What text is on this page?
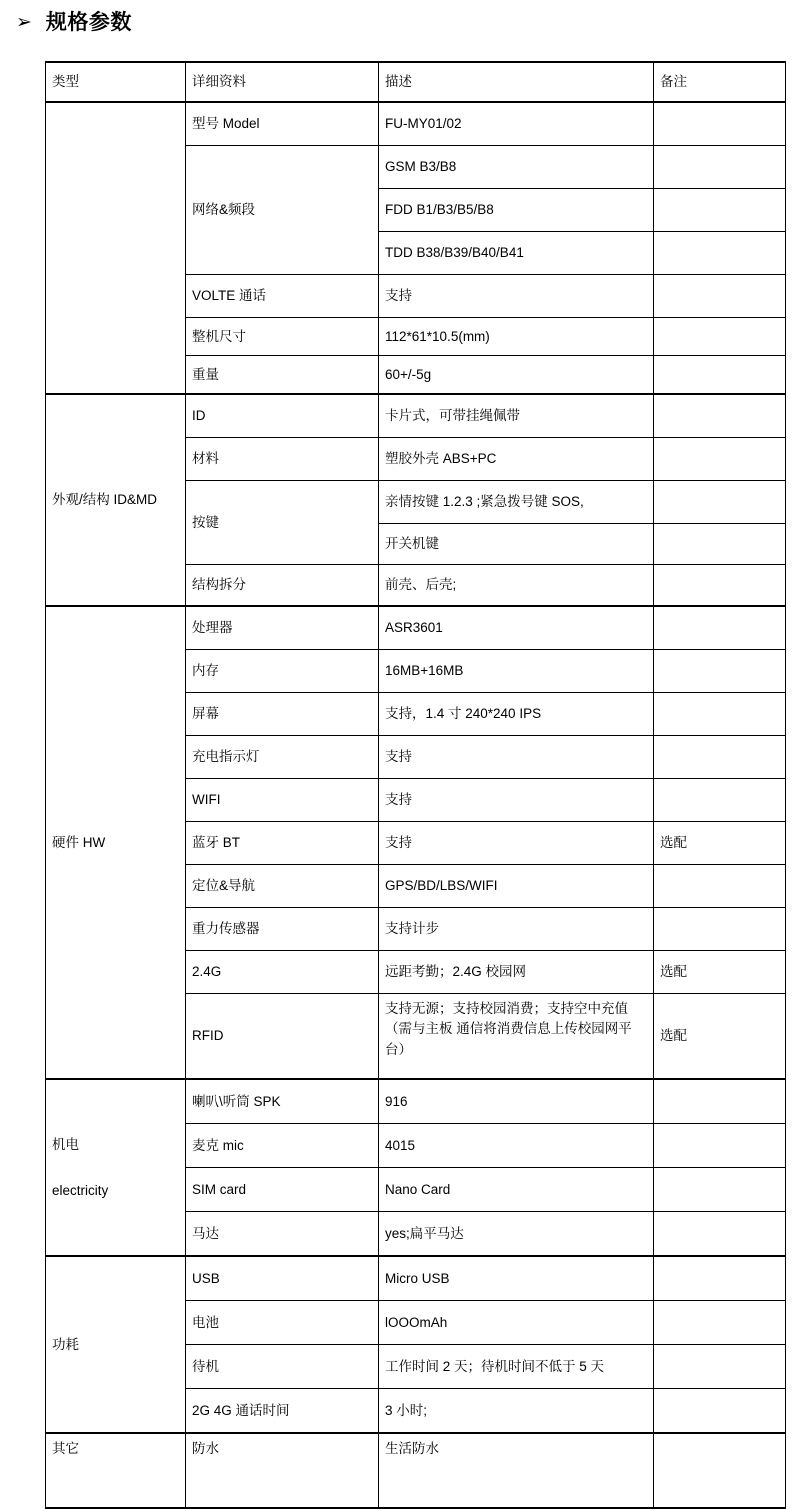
➢ 规格参数
类型	详细资料	描述	备注
	型号 Model	FU-MY01/02	
	网络&频段	GSM B3/B8	
		FDD B1/B3/B5/B8	
		TDD B38/B39/B40/B41	
	VOLTE 通话	支持	
	整机尺寸	112*61*10.5(mm)	
	重量	60+/-5g	
外观/结构 ID&MD	ID	卡片式，可带挂绳佩带	
	材料	塑胶外壳 ABS+PC	
	按键	亲情按键 1.2.3 ;紧急拨号键 SOS,	
		开关机键	
	结构拆分	前壳、后壳;	
硬件 HW	处理器	ASR3601	
	内存	16MB+16MB	
	屏幕	支持，1.4 寸 240*240 IPS	
	充电指示灯	支持	
	WIFI	支持	
	蓝牙 BT	支持	选配
	定位&导航	GPS/BD/LBS/WIFI	
	重力传感器	支持计步	
	2.4G	远距考勤；2.4G 校园网	选配
	RFID	支持无源；支持校园消费；支持空中充值（需与主板 通信将消费信息上传校园网平台）	选配

机电
electricity	喇叭\听筒 SPK	916	
	麦克 mic	4015	
	SIM card	Nano Card	
	马达	yes;扁平马达	
功耗	USB	Micro USB	
	电池	lOOOmAh	
	待机	工作时间 2 天；待机时间不低于 5 天	
	2G 4G 通话时间	3 小时;	
其它	防水	生活防水	
